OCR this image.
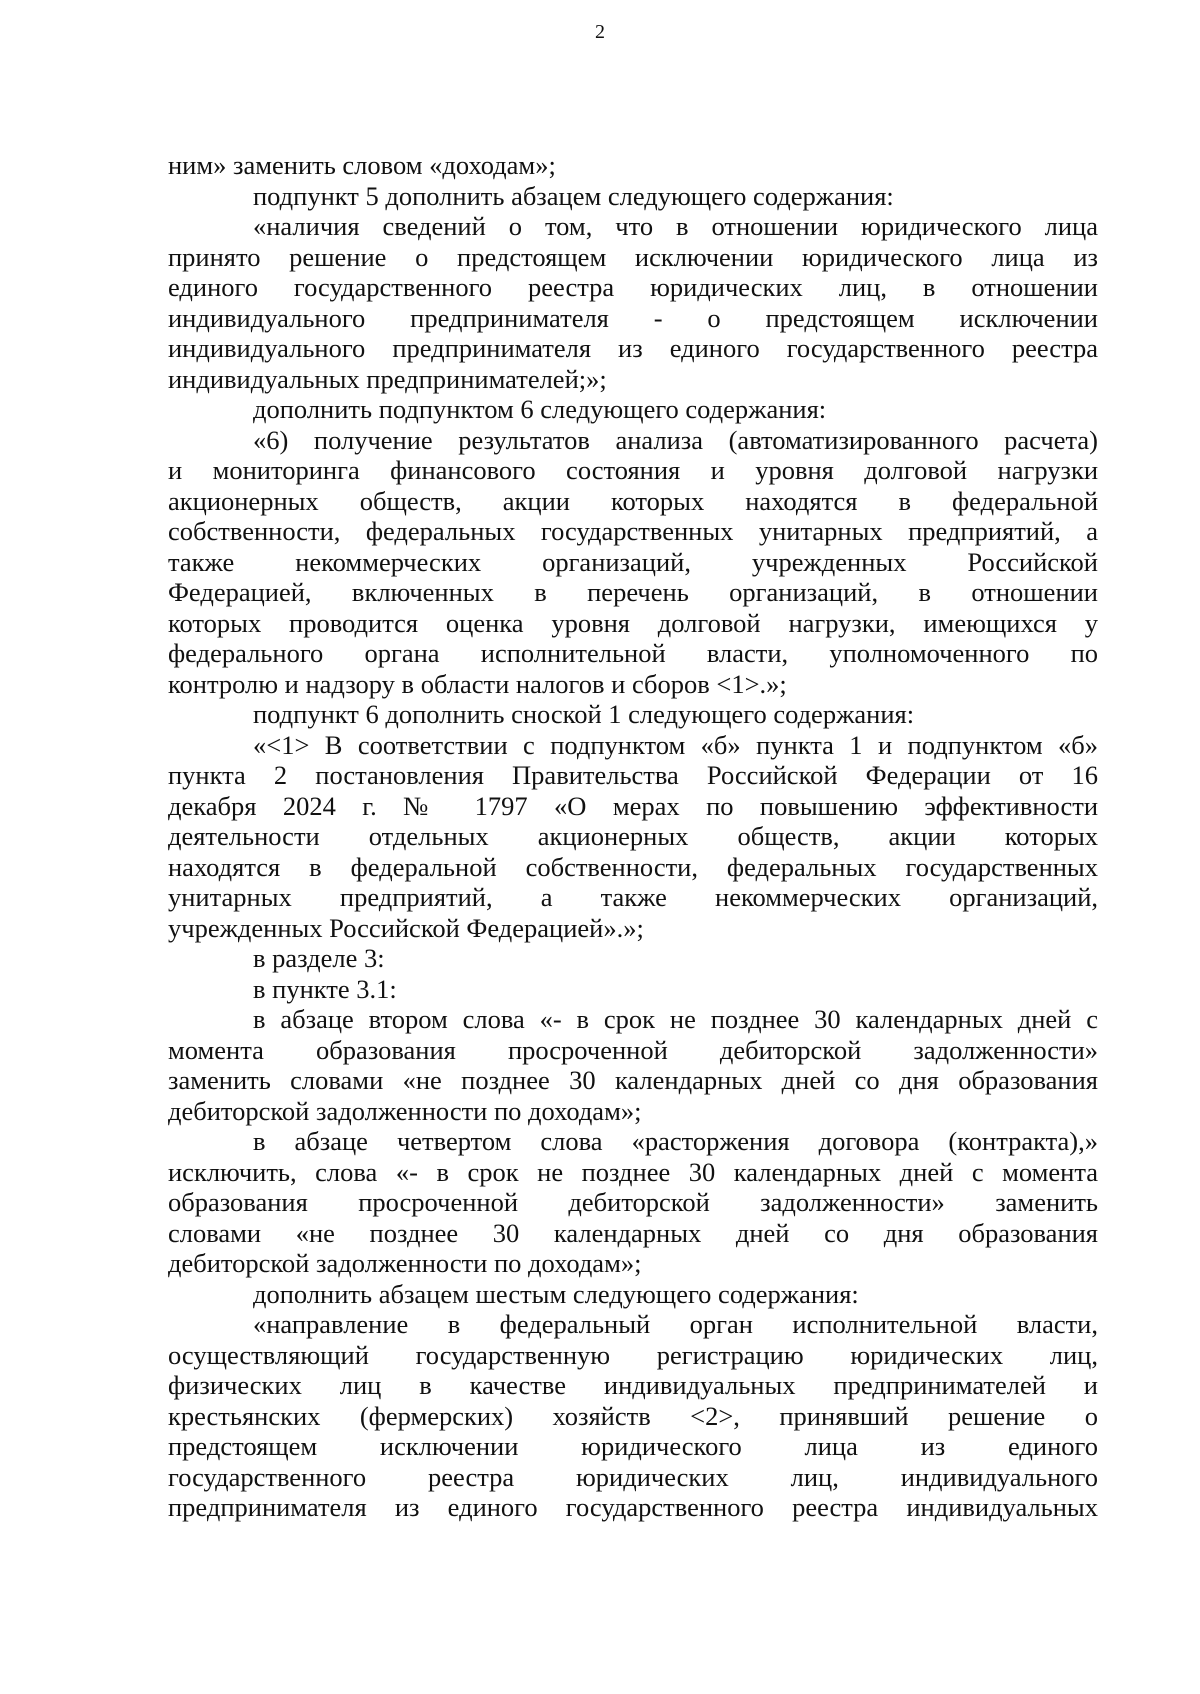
2
ним» заменить словом «доходам»;
подпункт 5 дополнить абзацем следующего содержания:
«наличия сведений о том, что в отношении юридического лица
принято решение о предстоящем исключении юридического лица из
единого государственного реестра юридических лиц, в отношении
индивидуального предпринимателя - о предстоящем исключении
индивидуального предпринимателя из единого государственного реестра
индивидуальных предпринимателей;»;
дополнить подпунктом 6 следующего содержания:
«6) получение результатов анализа (автоматизированного расчета)
и мониторинга финансового состояния и уровня долговой нагрузки
акционерных обществ, акции которых находятся в федеральной
собственности, федеральных государственных унитарных предприятий, а
также некоммерческих организаций, учрежденных Российской
Федерацией, включенных в перечень организаций, в отношении
которых проводится оценка уровня долговой нагрузки, имеющихся у
федерального органа исполнительной власти, уполномоченного по
контролю и надзору в области налогов и сборов <1>.»;
подпункт 6 дополнить сноской 1 следующего содержания:
«<1> В соответствии с подпунктом «б» пункта 1 и подпунктом «б»
пункта 2 постановления Правительства Российской Федерации от 16
декабря 2024 г. № 1797 «О мерах по повышению эффективности
деятельности отдельных акционерных обществ, акции которых
находятся в федеральной собственности, федеральных государственных
унитарных предприятий, а также некоммерческих организаций,
учрежденных Российской Федерацией».»;
в разделе 3:
в пункте 3.1:
в абзаце втором слова «- в срок не позднее 30 календарных дней с
момента образования просроченной дебиторской задолженности»
заменить словами «не позднее 30 календарных дней со дня образования
дебиторской задолженности по доходам»;
в абзаце четвертом слова «расторжения договора (контракта),»
исключить, слова «- в срок не позднее 30 календарных дней с момента
образования просроченной дебиторской задолженности» заменить
словами «не позднее 30 календарных дней со дня образования
дебиторской задолженности по доходам»;
дополнить абзацем шестым следующего содержания:
«направление в федеральный орган исполнительной власти,
осуществляющий государственную регистрацию юридических лиц,
физических лиц в качестве индивидуальных предпринимателей и
крестьянских (фермерских) хозяйств <2>, принявший решение о
предстоящем исключении юридического лица из единого
государственного реестра юридических лиц, индивидуального
предпринимателя из единого государственного реестра индивидуальных
